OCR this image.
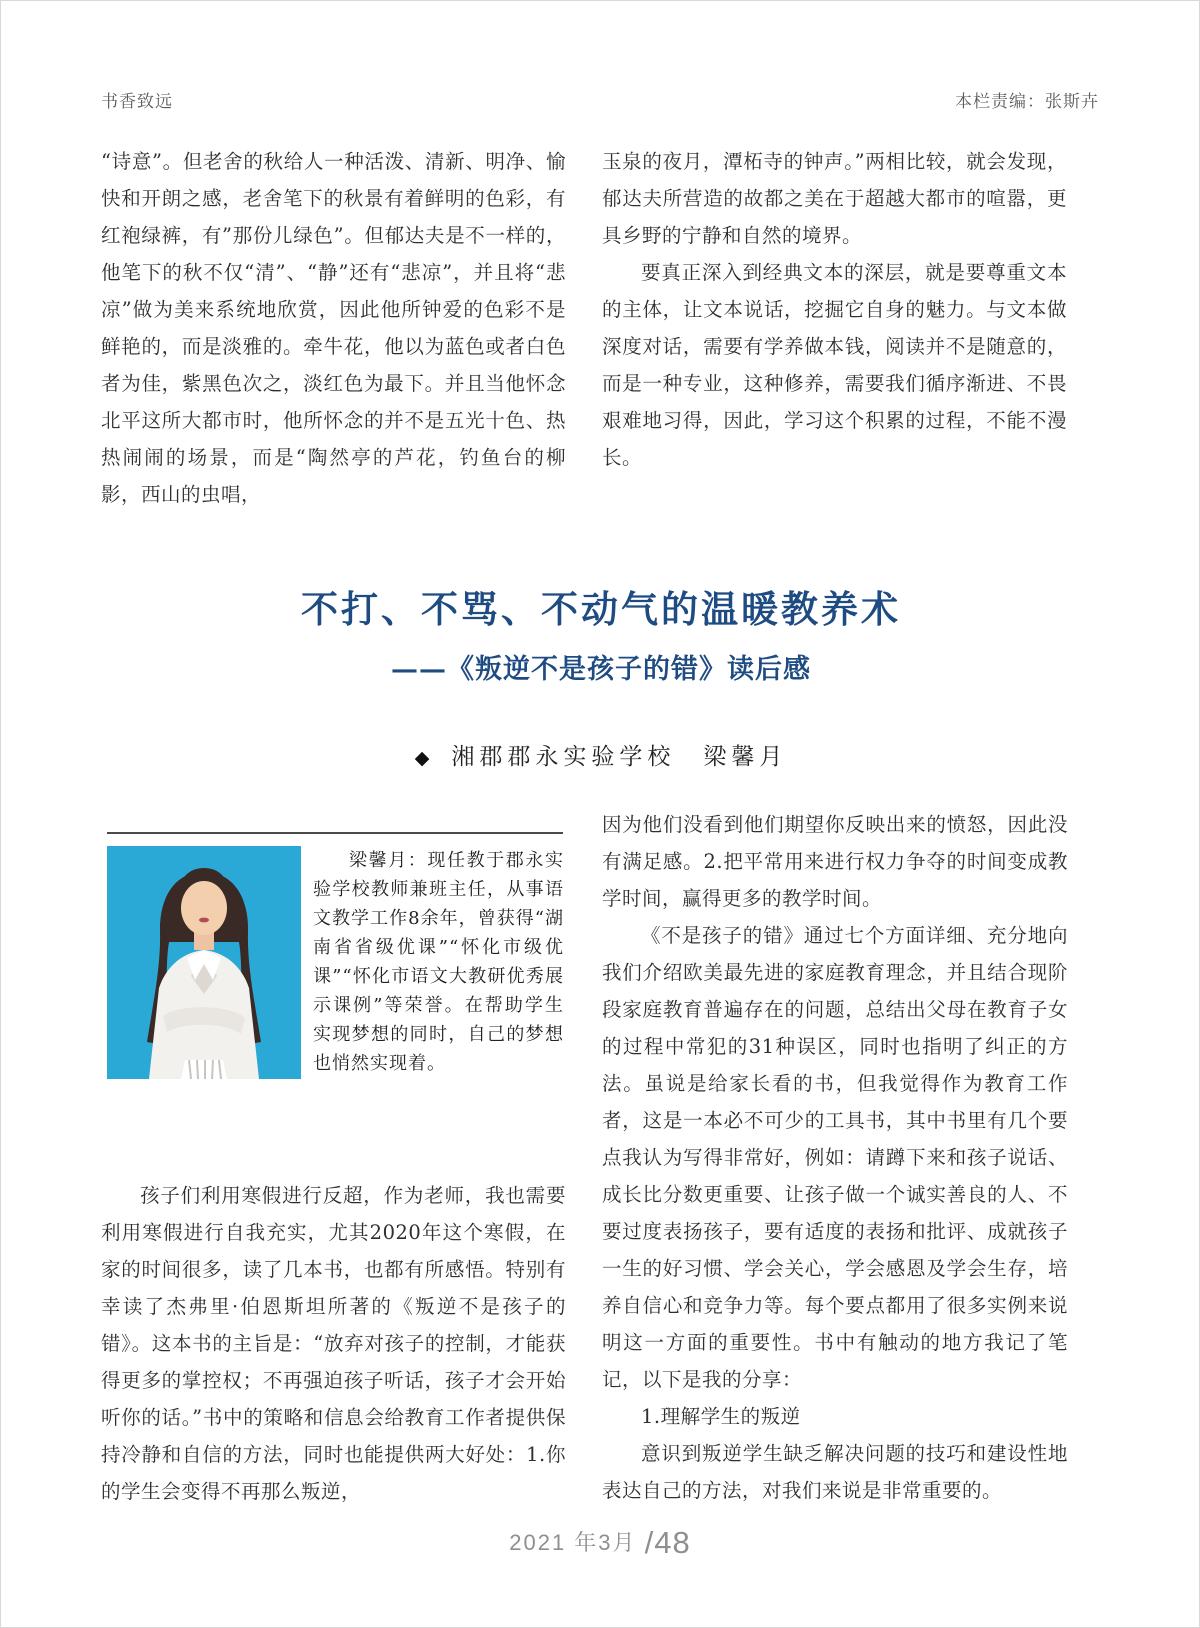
书香致远	本栏责编：张斯卉

“诗意”。但老舍的秋给人一种活泼、清新、明净、愉快和开朗之感，老舍笔下的秋景有着鲜明的色彩，有红袍绿裤，有”那份儿绿色”。但郁达夫是不一样的，他笔下的秋不仅“清”、“静”还有“悲凉”，并且将“悲凉”做为美来系统地欣赏，因此他所钟爱的色彩不是鲜艳的，而是淡雅的。牵牛花，他以为蓝色或者白色者为佳，紫黑色次之，淡红色为最下。并且当他怀念北平这所大都市时，他所怀念的并不是五光十色、热热闹闹的场景，而是“陶然亭的芦花，钓鱼台的柳影，西山的虫唱，

玉泉的夜月，潭柘寺的钟声。”两相比较，就会发现，郁达夫所营造的故都之美在于超越大都市的喧嚣，更具乡野的宁静和自然的境界。

要真正深入到经典文本的深层，就是要尊重文本的主体，让文本说话，挖掘它自身的魅力。与文本做深度对话，需要有学养做本钱，阅读并不是随意的，而是一种专业，这种修养，需要我们循序渐进、不畏艰难地习得，因此，学习这个积累的过程，不能不漫长。

不打、不骂、不动气的温暖教养术
——《叛逆不是孩子的错》读后感
◆ 湘郡郡永实验学校　梁馨月

梁馨月：现任教于郡永实验学校教师兼班主任，从事语文教学工作8余年，曾获得“湖南省省级优课”“怀化市级优课”“怀化市语文大教研优秀展示课例”等荣誉。在帮助学生实现梦想的同时，自己的梦想也悄然实现着。

孩子们利用寒假进行反超，作为老师，我也需要利用寒假进行自我充实，尤其2020年这个寒假，在家的时间很多，读了几本书，也都有所感悟。特别有幸读了杰弗里·伯恩斯坦所著的《叛逆不是孩子的错》。这本书的主旨是：“放弃对孩子的控制，才能获得更多的掌控权；不再强迫孩子听话，孩子才会开始听你的话。”书中的策略和信息会给教育工作者提供保持冷静和自信的方法，同时也能提供两大好处：1.你的学生会变得不再那么叛逆，

因为他们没看到他们期望你反映出来的愤怒，因此没有满足感。2.把平常用来进行权力争夺的时间变成教学时间，赢得更多的教学时间。

《不是孩子的错》通过七个方面详细、充分地向我们介绍欧美最先进的家庭教育理念，并且结合现阶段家庭教育普遍存在的问题，总结出父母在教育子女的过程中常犯的31种误区，同时也指明了纠正的方法。虽说是给家长看的书，但我觉得作为教育工作者，这是一本必不可少的工具书，其中书里有几个要点我认为写得非常好，例如：请蹲下来和孩子说话、成长比分数更重要、让孩子做一个诚实善良的人、不要过度表扬孩子，要有适度的表扬和批评、成就孩子一生的好习惯、学会关心，学会感恩及学会生存，培养自信心和竞争力等。每个要点都用了很多实例来说明这一方面的重要性。书中有触动的地方我记了笔记，以下是我的分享：

1.理解学生的叛逆

意识到叛逆学生缺乏解决问题的技巧和建设性地表达自己的方法，对我们来说是非常重要的。

2021 年3月 /48
